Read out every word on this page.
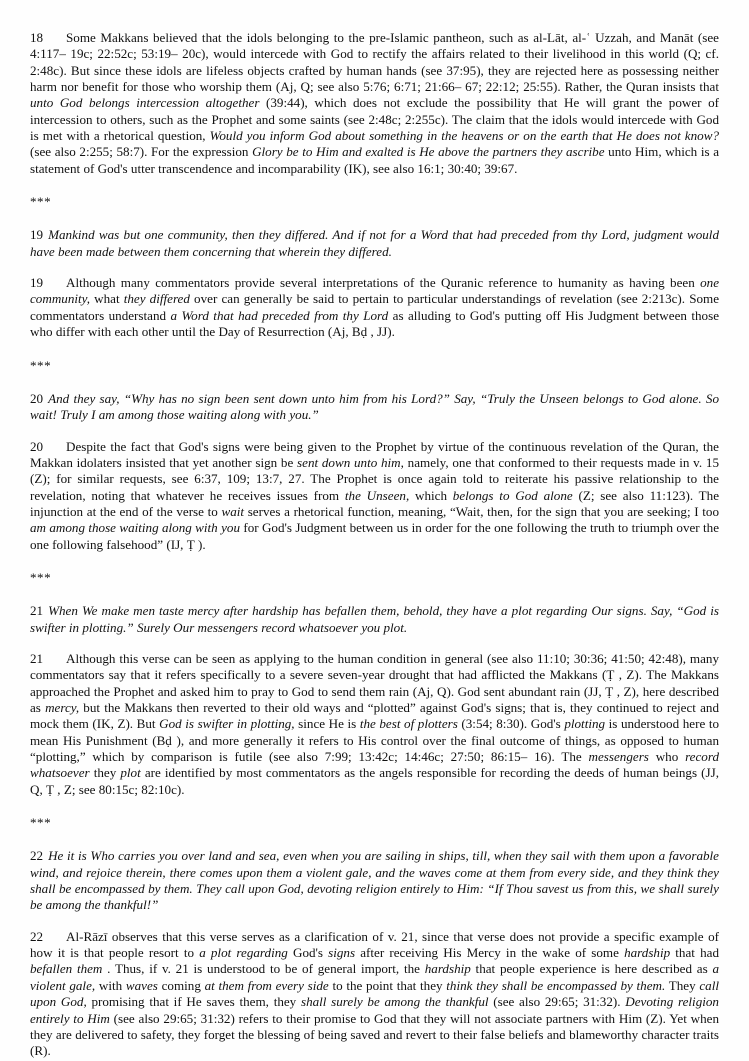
18 Some Makkans believed that the idols belonging to the pre-Islamic pantheon, such as al-Lāt, al-ʿ Uzzah, and Manāt (see 4:117– 19c; 22:52c; 53:19– 20c), would intercede with God to rectify the affairs related to their livelihood in this world (Q; cf. 2:48c). But since these idols are lifeless objects crafted by human hands (see 37:95), they are rejected here as possessing neither harm nor benefit for those who worship them (Aj, Q; see also 5:76; 6:71; 21:66– 67; 22:12; 25:55). Rather, the Quran insists that unto God belongs intercession altogether (39:44), which does not exclude the possibility that He will grant the power of intercession to others, such as the Prophet and some saints (see 2:48c; 2:255c). The claim that the idols would intercede with God is met with a rhetorical question, Would you inform God about something in the heavens or on the earth that He does not know? (see also 2:255; 58:7). For the expression Glory be to Him and exalted is He above the partners they ascribe unto Him, which is a statement of God's utter transcendence and incomparability (IK), see also 16:1; 30:40; 39:67.

***

19 Mankind was but one community, then they differed. And if not for a Word that had preceded from thy Lord, judgment would have been made between them concerning that wherein they differed.

19 Although many commentators provide several interpretations of the Quranic reference to humanity as having been one community, what they differed over can generally be said to pertain to particular understandings of revelation (see 2:213c). Some commentators understand a Word that had preceded from thy Lord as alluding to God's putting off His Judgment between those who differ with each other until the Day of Resurrection (Aj, Bḍ , JJ).

***

20 And they say, “Why has no sign been sent down unto him from his Lord?” Say, “Truly the Unseen belongs to God alone. So wait! Truly I am among those waiting along with you.”

20 Despite the fact that God's signs were being given to the Prophet by virtue of the continuous revelation of the Quran, the Makkan idolaters insisted that yet another sign be sent down unto him, namely, one that conformed to their requests made in v. 15 (Z); for similar requests, see 6:37, 109; 13:7, 27. The Prophet is once again told to reiterate his passive relationship to the revelation, noting that whatever he receives issues from the Unseen, which belongs to God alone (Z; see also 11:123). The injunction at the end of the verse to wait serves a rhetorical function, meaning, “Wait, then, for the sign that you are seeking; I too am among those waiting along with you for God's Judgment between us in order for the one following the truth to triumph over the one following falsehood” (IJ, Ṭ ).

***

21 When We make men taste mercy after hardship has befallen them, behold, they have a plot regarding Our signs. Say, “God is swifter in plotting.” Surely Our messengers record whatsoever you plot.

21 Although this verse can be seen as applying to the human condition in general (see also 11:10; 30:36; 41:50; 42:48), many commentators say that it refers specifically to a severe seven-year drought that had afflicted the Makkans (Ṭ , Z). The Makkans approached the Prophet and asked him to pray to God to send them rain (Aj, Q). God sent abundant rain (JJ, Ṭ , Z), here described as mercy, but the Makkans then reverted to their old ways and “plotted” against God's signs; that is, they continued to reject and mock them (IK, Z). But God is swifter in plotting, since He is the best of plotters (3:54; 8:30). God's plotting is understood here to mean His Punishment (Bḍ ), and more generally it refers to His control over the final outcome of things, as opposed to human “plotting,” which by comparison is futile (see also 7:99; 13:42c; 14:46c; 27:50; 86:15– 16). The messengers who record whatsoever they plot are identified by most commentators as the angels responsible for recording the deeds of human beings (JJ, Q, Ṭ , Z; see 80:15c; 82:10c).

***

22 He it is Who carries you over land and sea, even when you are sailing in ships, till, when they sail with them upon a favorable wind, and rejoice therein, there comes upon them a violent gale, and the waves come at them from every side, and they think they shall be encompassed by them. They call upon God, devoting religion entirely to Him: “If Thou savest us from this, we shall surely be among the thankful!”

22 Al-Rāzī observes that this verse serves as a clarification of v. 21, since that verse does not provide a specific example of how it is that people resort to a plot regarding God's signs after receiving His Mercy in the wake of some hardship that had befallen them . Thus, if v. 21 is understood to be of general import, the hardship that people experience is here described as a violent gale, with waves coming at them from every side to the point that they think they shall be encompassed by them. They call upon God, promising that if He saves them, they shall surely be among the thankful (see also 29:65; 31:32). Devoting religion entirely to Him (see also 29:65; 31:32) refers to their promise to God that they will not associate partners with Him (Z). Yet when they are delivered to safety, they forget the blessing of being saved and revert to their false beliefs and blameworthy character traits (R).
